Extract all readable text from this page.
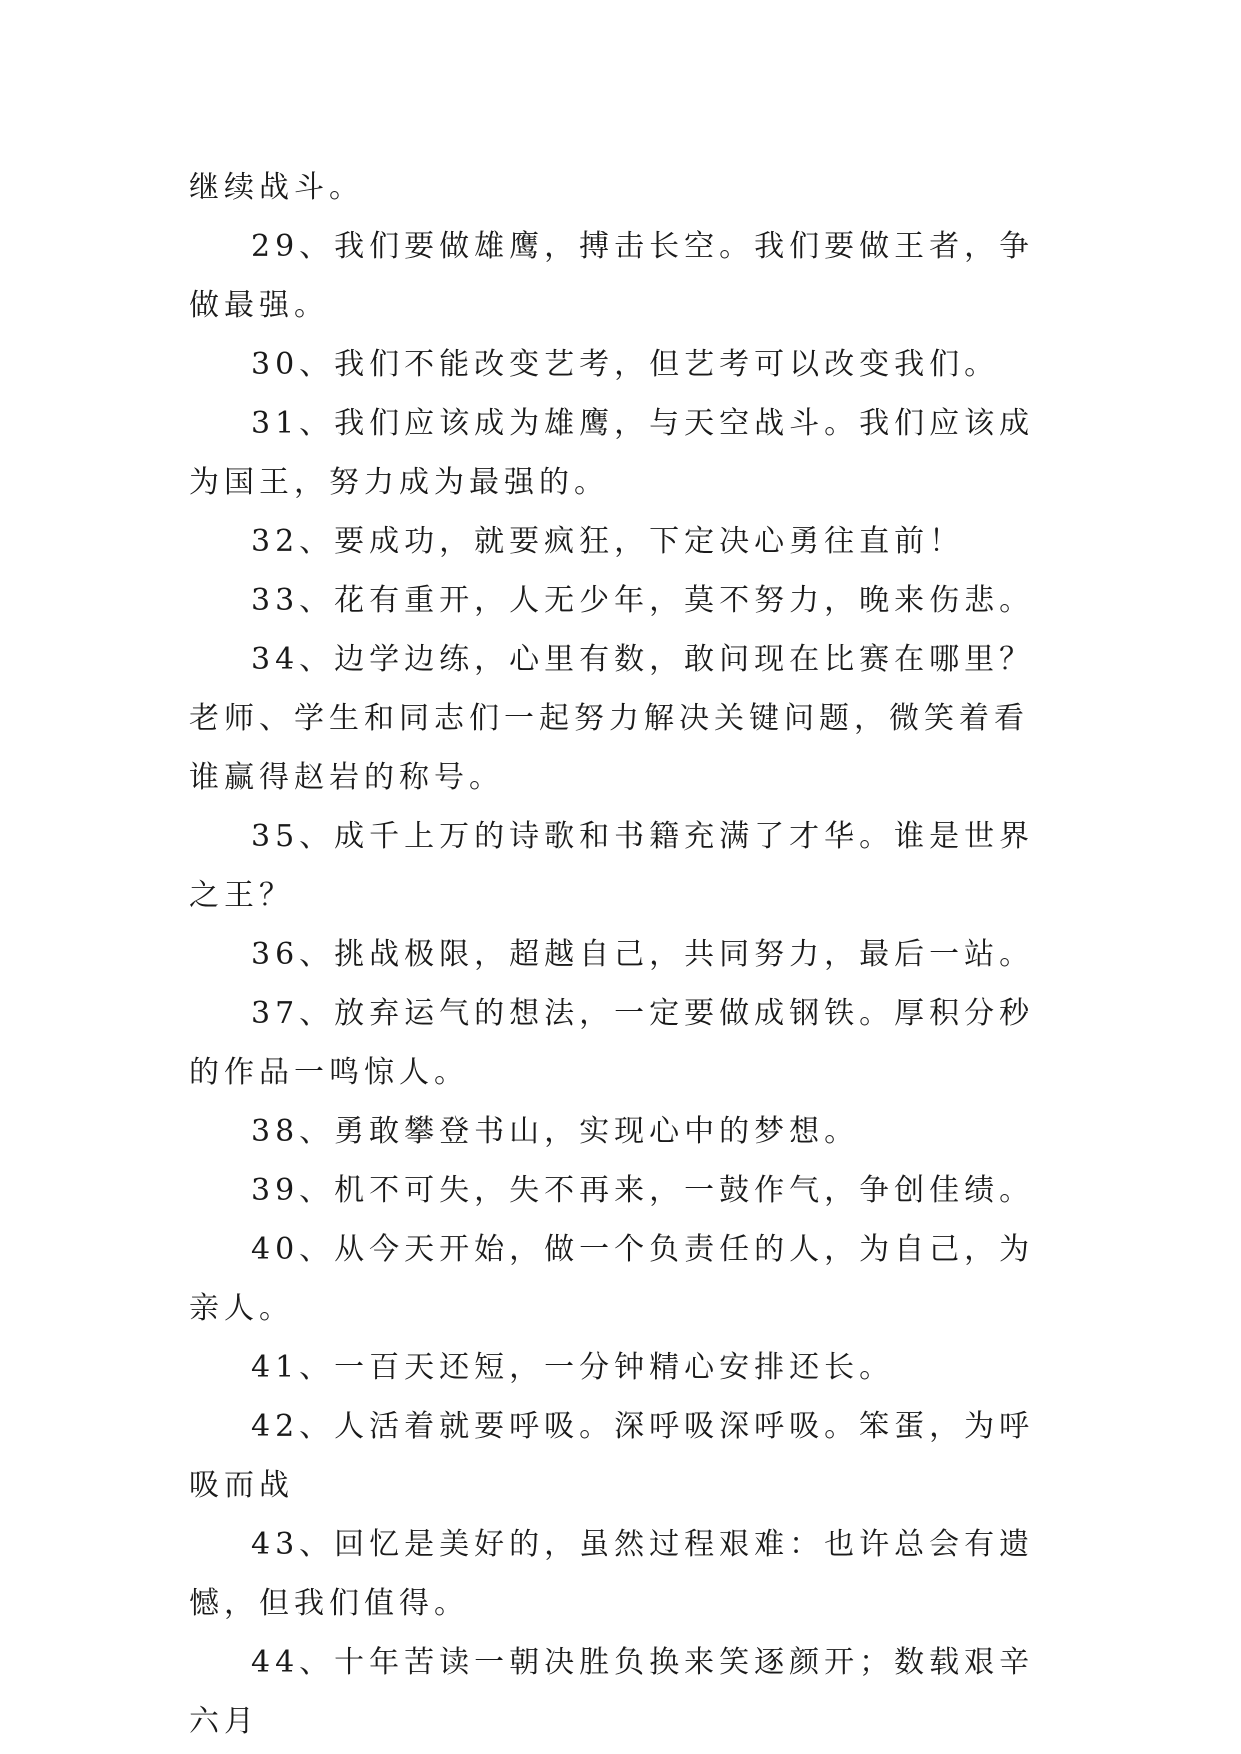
继续战斗。

29、我们要做雄鹰，搏击长空。我们要做王者，争做最强。

30、我们不能改变艺考，但艺考可以改变我们。

31、我们应该成为雄鹰，与天空战斗。我们应该成为国王，努力成为最强的。

32、要成功，就要疯狂，下定决心勇往直前！

33、花有重开，人无少年，莫不努力，晚来伤悲。

34、边学边练，心里有数，敢问现在比赛在哪里？老师、学生和同志们一起努力解决关键问题，微笑着看谁赢得赵岩的称号。

35、成千上万的诗歌和书籍充满了才华。谁是世界之王？

36、挑战极限，超越自己，共同努力，最后一站。

37、放弃运气的想法，一定要做成钢铁。厚积分秒的作品一鸣惊人。

38、勇敢攀登书山，实现心中的梦想。

39、机不可失，失不再来，一鼓作气，争创佳绩。

40、从今天开始，做一个负责任的人，为自己，为亲人。

41、一百天还短，一分钟精心安排还长。

42、人活着就要呼吸。深呼吸深呼吸。笨蛋，为呼吸而战

43、回忆是美好的，虽然过程艰难：也许总会有遗憾，但我们值得。

44、十年苦读一朝决胜负换来笑逐颜开；数载艰辛六月
